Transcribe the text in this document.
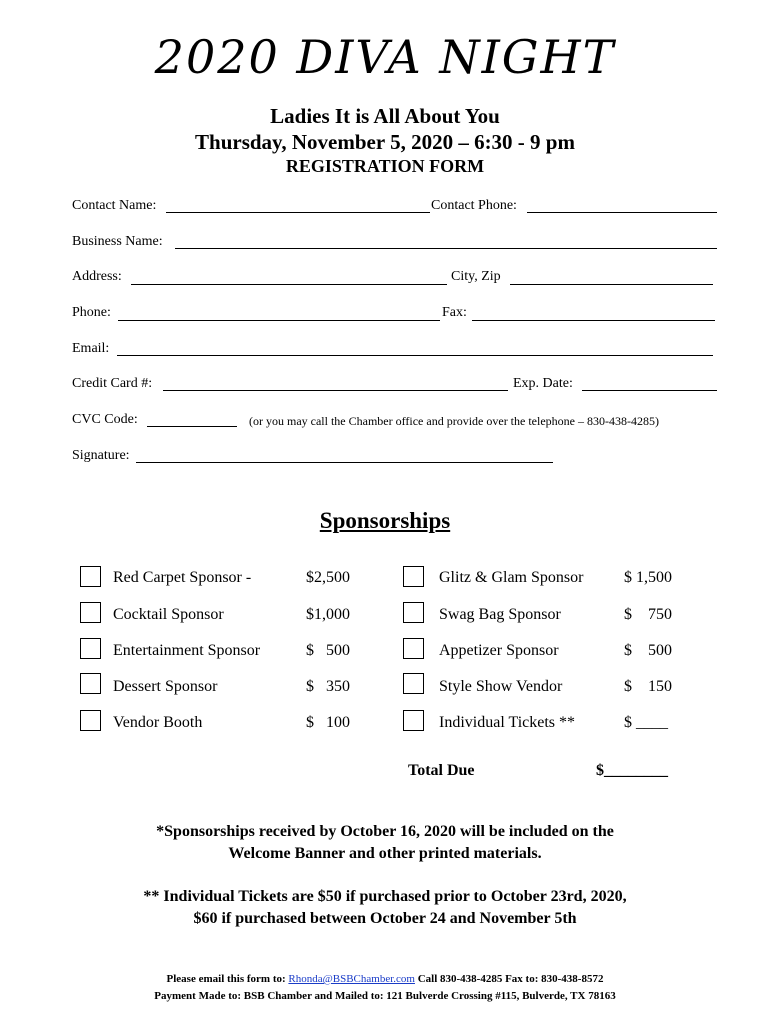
2020 DIVA NIGHT
Ladies It is All About You
Thursday, November 5, 2020 – 6:30 - 9 pm
REGISTRATION FORM
Contact Name:	Contact Phone:
Business Name:
Address:	City, Zip
Phone:	Fax:
Email:
Credit Card #:	Exp. Date:
CVC Code:	(or you may call the Chamber office and provide over the telephone – 830-438-4285)
Signature:
Sponsorships
Red Carpet Sponsor -	$2,500
Cocktail Sponsor	$1,000
Entertainment Sponsor	$   500
Dessert Sponsor	$   350
Vendor Booth	$   100
Glitz & Glam Sponsor	$ 1,500
Swag Bag Sponsor	$    750
Appetizer Sponsor	$    500
Style Show Vendor	$    150
Individual Tickets **	$ ____
Total Due	$________
*Sponsorships received by October 16, 2020 will be included on the
Welcome Banner and other printed materials.
** Individual Tickets are $50 if purchased prior to October 23rd, 2020,
$60 if purchased between October 24 and November 5th
Please email this form to: Rhonda@BSBChamber.com Call 830-438-4285 Fax to: 830-438-8572
Payment Made to: BSB Chamber and Mailed to: 121 Bulverde Crossing #115, Bulverde, TX 78163
